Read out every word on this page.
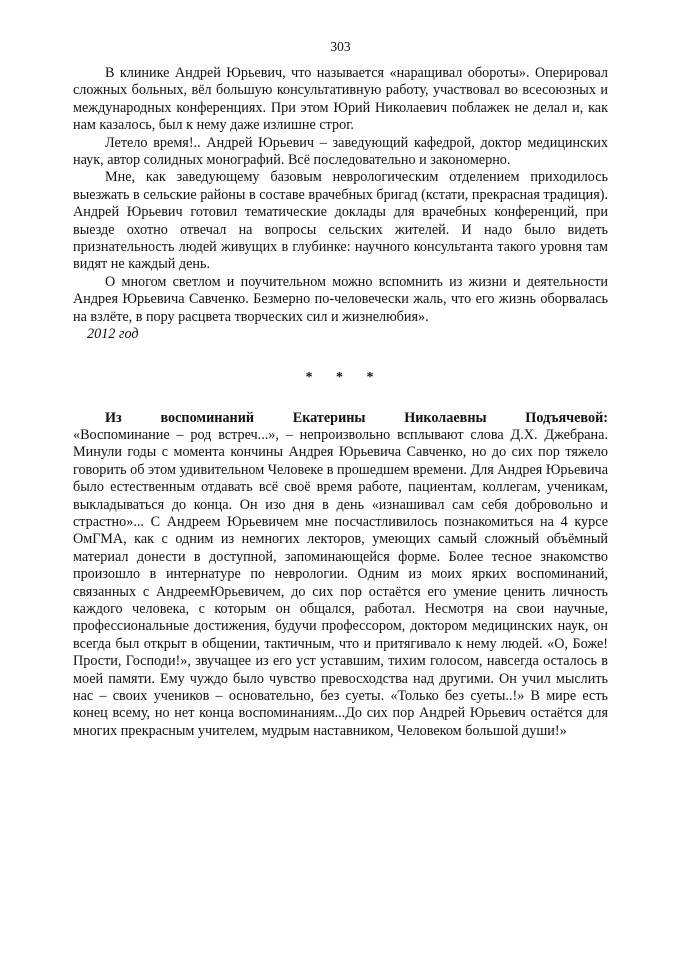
303

В клинике Андрей Юрьевич, что называется «наращивал обороты». Оперировал сложных больных, вёл большую консультативную работу, участвовал во всесоюзных и международных конференциях. При этом Юрий Николаевич поблажек не делал и, как нам казалось, был к нему даже излишне строг.

Летело время!.. Андрей Юрьевич – заведующий кафедрой, доктор медицинских наук, автор солидных монографий. Всё последовательно и закономерно.

Мне, как заведующему базовым неврологическим отделением приходилось выезжать в сельские районы в составе врачебных бригад (кстати, прекрасная традиция). Андрей Юрьевич готовил тематические доклады для врачебных конференций, при выезде охотно отвечал на вопросы сельских жителей. И надо было видеть признательность людей живущих в глубинке: научного консультанта такого уровня там видят не каждый день.

О многом светлом и поучительном можно вспомнить из жизни и деятельности Андрея Юрьевича Савченко. Безмерно по-человечески жаль, что его жизнь оборвалась на взлёте, в пору расцвета творческих сил и жизнелюбия».

2012 год

* * *
Из воспоминаний Екатерины Николаевны Подъячевой:
«Воспоминание – род встреч...», – непроизвольно всплывают слова Д.Х. Джебрана. Минули годы с момента кончины Андрея Юрьевича Савченко, но до сих пор тяжело говорить об этом удивительном Человеке в прошедшем времени. Для Андрея Юрьевича было естественным отдавать всё своё время работе, пациентам, коллегам, ученикам, выкладываться до конца. Он изо дня в день «изнашивал сам себя добровольно и страстно»... С Андреем Юрьевичем мне посчастливилось познакомиться на 4 курсе ОмГМА, как с одним из немногих лекторов, умеющих самый сложный объёмный материал донести в доступной, запоминающейся форме. Более тесное знакомство произошло в интернатуре по неврологии. Одним из моих ярких воспоминаний, связанных с АндреемЮрьевичем, до сих пор остаётся его умение ценить личность каждого человека, с которым он общался, работал. Несмотря на свои научные, профессиональные достижения, будучи профессором, доктором медицинских наук, он всегда был открыт в общении, тактичным, что и притягивало к нему людей. «О, Боже! Прости, Господи!», звучащее из его уст уставшим, тихим голосом, навсегда осталось в моей памяти. Ему чуждо было чувство превосходства над другими. Он учил мыслить нас – своих учеников – основательно, без суеты. «Только без суеты..!» В мире есть конец всему, но нет конца воспоминаниям...До сих пор Андрей Юрьевич остаётся для многих прекрасным учителем, мудрым наставником, Человеком большой души!»
